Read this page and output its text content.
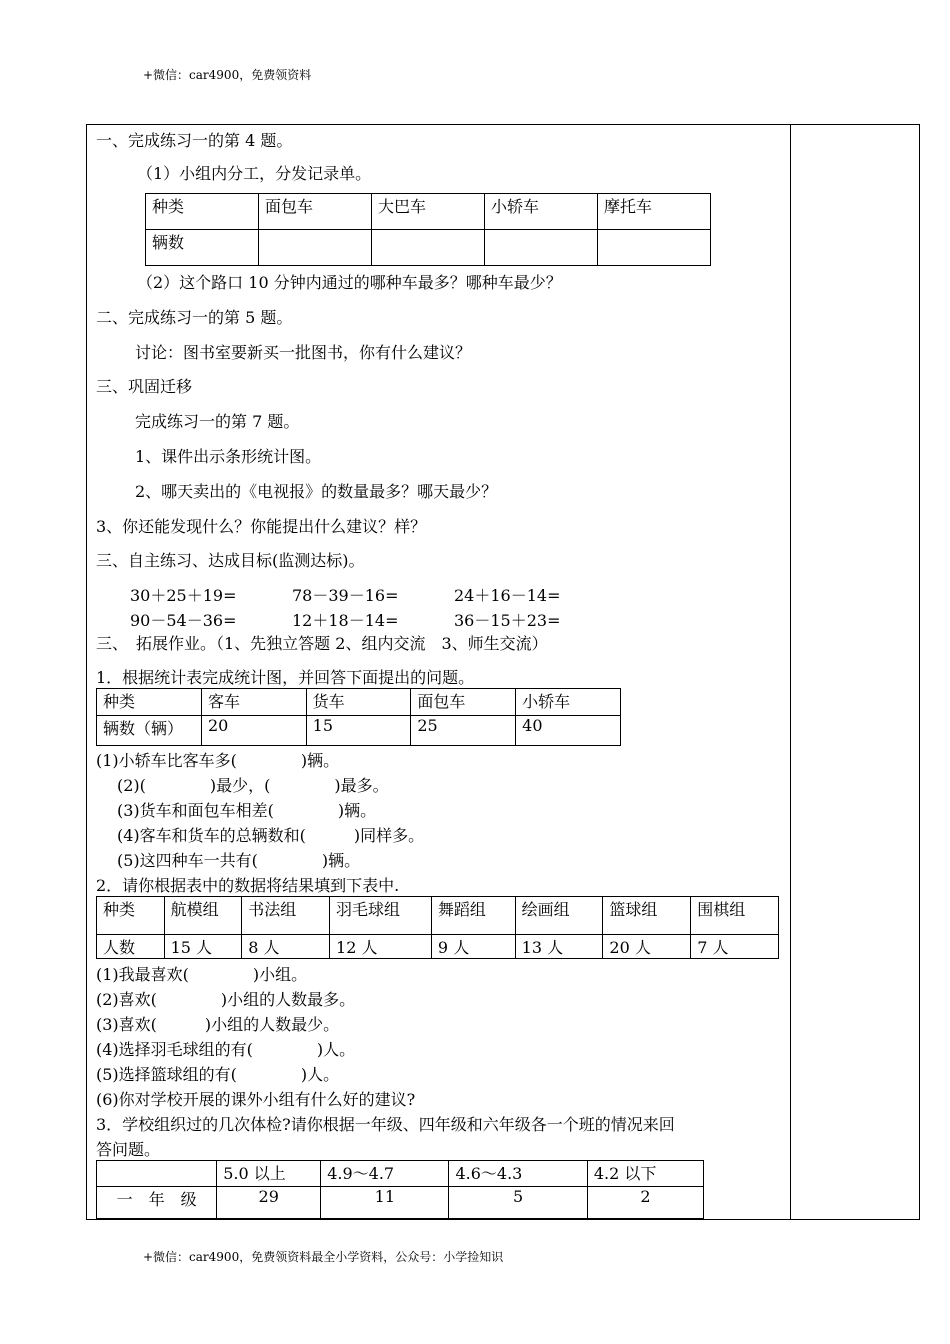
+微信：car4900，免费领资料
一、完成练习一的第 4 题。
（1）小组内分工，分发记录单。
种类	面包车	大巴车	小轿车	摩托车
辆数				
（2）这个路口 10 分钟内通过的哪种车最多？哪种车最少？
二、完成练习一的第 5 题。
讨论：图书室要新买一批图书，你有什么建议？
三、巩固迁移
完成练习一的第 7 题。
1、课件出示条形统计图。
2、哪天卖出的《电视报》的数量最多？哪天最少？
3、你还能发现什么？你能提出什么建议？样？
三、自主练习、达成目标(监测达标)。
30＋25＋19=	78－39－16=	24＋16－14=
90－54－36=	12＋18－14=	36－15＋23=
三、　拓展作业。（1、先独立答题 2、组内交流　3、师生交流）
1．根据统计表完成统计图，并回答下面提出的问题。
种类	客车	货车	面包车	小轿车
辆数（辆）	20	15	25	40
(1)小轿车比客车多(　　　　)辆。
(2)(　　　　)最少，(　　　　)最多。
(3)货车和面包车相差(　　　　)辆。
(4)客车和货车的总辆数和(　　　)同样多。
(5)这四种车一共有(　　　　)辆。
2．请你根据表中的数据将结果填到下表中.
种类	航模组	书法组	羽毛球组	舞蹈组	绘画组	篮球组	围棋组
人数	15 人	8 人	12 人	9 人	13 人	20 人	7 人
(1)我最喜欢(　　　　)小组。
(2)喜欢(　　　　)小组的人数最多。
(3)喜欢(　　　)小组的人数最少。
(4)选择羽毛球组的有(　　　　)人。
(5)选择篮球组的有(　　　　)人。
(6)你对学校开展的课外小组有什么好的建议?
3．学校组织过的几次体检?请你根据一年级、四年级和六年级各一个班的情况来回
答问题。
	5.0 以上	4.9～4.7	4.6～4.3	4.2 以下
一　年　级	29	11	5	2
+微信：car4900，免费领资料最全小学资料，公众号：小学捡知识
